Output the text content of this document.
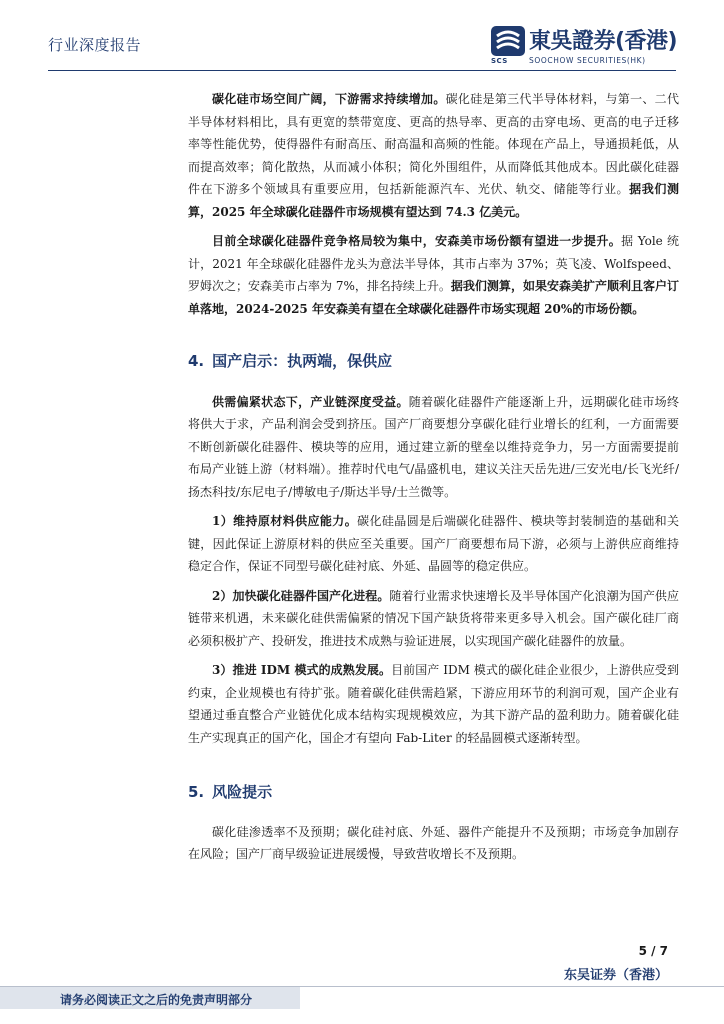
行业深度报告
SCS
東吳證券(香港)
SOOCHOW SECURITIES(HK)

碳化硅市场空间广阔，下游需求持续增加。碳化硅是第三代半导体材料，与第一、二代半导体材料相比，具有更宽的禁带宽度、更高的热导率、更高的击穿电场、更高的电子迁移率等性能优势，使得器件有耐高压、耐高温和高频的性能。体现在产品上，导通损耗低，从而提高效率；简化散热，从而减小体积；简化外围组件，从而降低其他成本。因此碳化硅器件在下游多个领域具有重要应用，包括新能源汽车、光伏、轨交、储能等行业。据我们测算，2025 年全球碳化硅器件市场规模有望达到 74.3 亿美元。

目前全球碳化硅器件竞争格局较为集中，安森美市场份额有望进一步提升。据 Yole 统计，2021 年全球碳化硅器件龙头为意法半导体，其市占率为 37%；英飞凌、Wolfspeed、罗姆次之；安森美市占率为 7%，排名持续上升。据我们测算，如果安森美扩产顺利且客户订单落地，2024-2025 年安森美有望在全球碳化硅器件市场实现超 20%的市场份额。

4. 国产启示：执两端，保供应

供需偏紧状态下，产业链深度受益。随着碳化硅器件产能逐渐上升，远期碳化硅市场终将供大于求，产品利润会受到挤压。国产厂商要想分享碳化硅行业增长的红利，一方面需要不断创新碳化硅器件、模块等的应用，通过建立新的壁垒以维持竞争力，另一方面需要提前布局产业链上游（材料端）。推荐时代电气/晶盛机电，建议关注天岳先进/三安光电/长飞光纤/扬杰科技/东尼电子/博敏电子/斯达半导/士兰微等。

1）维持原材料供应能力。碳化硅晶圆是后端碳化硅器件、模块等封装制造的基础和关键，因此保证上游原材料的供应至关重要。国产厂商要想布局下游，必须与上游供应商维持稳定合作，保证不同型号碳化硅衬底、外延、晶圆等的稳定供应。

2）加快碳化硅器件国产化进程。随着行业需求快速增长及半导体国产化浪潮为国产供应链带来机遇，未来碳化硅供需偏紧的情况下国产缺货将带来更多导入机会。国产碳化硅厂商必须积极扩产、投研发，推进技术成熟与验证进展，以实现国产碳化硅器件的放量。

3）推进 IDM 模式的成熟发展。目前国产 IDM 模式的碳化硅企业很少，上游供应受到约束，企业规模也有待扩张。随着碳化硅供需趋紧，下游应用环节的利润可观，国产企业有望通过垂直整合产业链优化成本结构实现规模效应，为其下游产品的盈利助力。随着碳化硅生产实现真正的国产化，国企才有望向 Fab-Liter 的轻晶圆模式逐渐转型。

5. 风险提示

碳化硅渗透率不及预期；碳化硅衬底、外延、器件产能提升不及预期；市场竞争加剧存在风险；国产厂商早级验证进展缓慢，导致营收增长不及预期。

5 / 7
东吴证券（香港）
请务必阅读正文之后的免责声明部分
